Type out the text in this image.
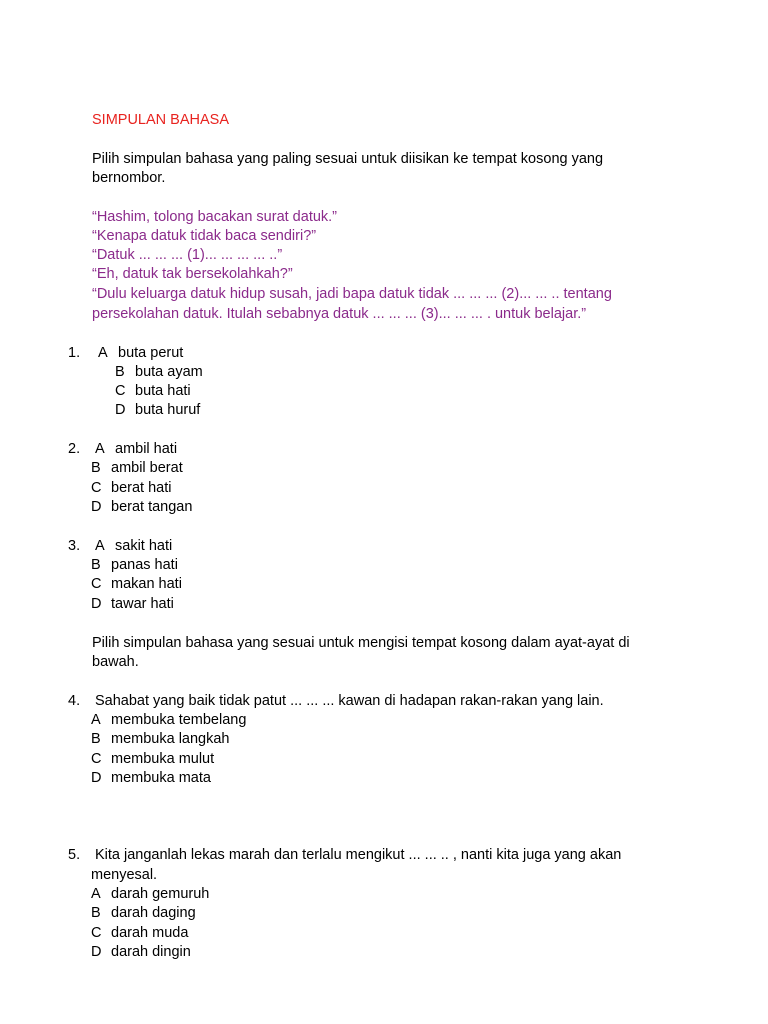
SIMPULAN BAHASA
Pilih simpulan bahasa yang paling sesuai untuk diisikan ke tempat kosong yang
bernombor.
“Hashim, tolong bacakan surat datuk.”
“Kenapa datuk tidak baca sendiri?”
“Datuk ... ... ... (1)... ... ... ... ..”
“Eh, datuk tak bersekolahkah?”
“Dulu keluarga datuk hidup susah, jadi bapa datuk tidak ... ... ... (2)... ... .. tentang
persekolahan datuk. Itulah sebabnya datuk ... ... ... (3)... ... ... . untuk belajar.”
1. A buta perut
B buta ayam
C buta hati
D buta huruf
2. A ambil hati
B ambil berat
C berat hati
D berat tangan
3. A sakit hati
B panas hati
C makan hati
D tawar hati
Pilih simpulan bahasa yang sesuai untuk mengisi tempat kosong dalam ayat-ayat di
bawah.
4. Sahabat yang baik tidak patut ... ... ... kawan di hadapan rakan-rakan yang lain.
A membuka tembelang
B membuka langkah
C membuka mulut
D membuka mata
5. Kita janganlah lekas marah dan terlalu mengikut ... ... .. , nanti kita juga yang akan
menyesal.
A darah gemuruh
B darah daging
C darah muda
D darah dingin
